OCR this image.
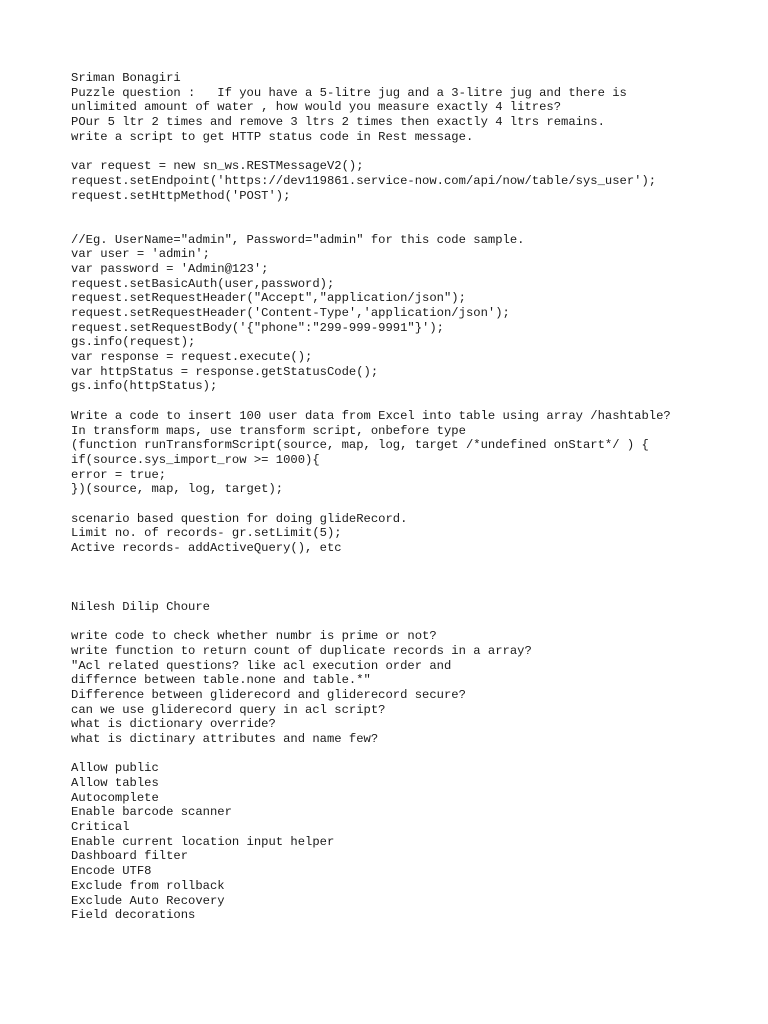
Sriman Bonagiri
Puzzle question :   If you have a 5-litre jug and a 3-litre jug and there is
unlimited amount of water , how would you measure exactly 4 litres?
POur 5 ltr 2 times and remove 3 ltrs 2 times then exactly 4 ltrs remains.
write a script to get HTTP status code in Rest message.
var request = new sn_ws.RESTMessageV2();
request.setEndpoint('https://dev119861.service-now.com/api/now/table/sys_user');
request.setHttpMethod('POST');
//Eg. UserName="admin", Password="admin" for this code sample.
var user = 'admin';
var password = 'Admin@123';
request.setBasicAuth(user,password);
request.setRequestHeader("Accept","application/json");
request.setRequestHeader('Content-Type','application/json');
request.setRequestBody('{"phone":"299-999-9991"}');
gs.info(request);
var response = request.execute();
var httpStatus = response.getStatusCode();
gs.info(httpStatus);
Write a code to insert 100 user data from Excel into table using array /hashtable?
In transform maps, use transform script, onbefore type
(function runTransformScript(source, map, log, target /*undefined onStart*/ ) {
if(source.sys_import_row >= 1000){
error = true;
})(source, map, log, target);
scenario based question for doing glideRecord.
Limit no. of records- gr.setLimit(5);
Active records- addActiveQuery(), etc
Nilesh Dilip Choure
write code to check whether numbr is prime or not?
write function to return count of duplicate records in a array?
"Acl related questions? like acl execution order and
differnce between table.none and table.*"
Difference between gliderecord and gliderecord secure?
can we use gliderecord query in acl script?
what is dictionary override?
what is dictinary attributes and name few?
Allow public
Allow tables
Autocomplete
Enable barcode scanner
Critical
Enable current location input helper
Dashboard filter
Encode UTF8
Exclude from rollback
Exclude Auto Recovery
Field decorations
